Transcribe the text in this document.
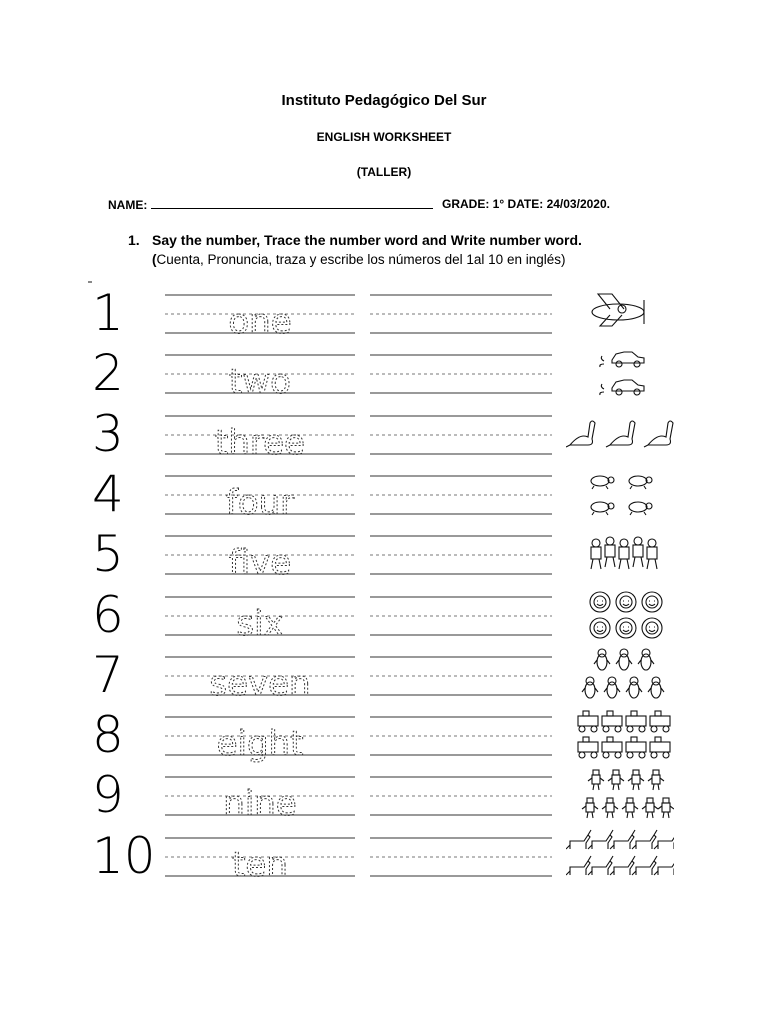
Instituto Pedagógico Del Sur
ENGLISH WORKSHEET
(TALLER)
NAME:	GRADE: 1° DATE: 24/03/2020.
1. Say the number, Trace the number word and Write number word.
(Cuenta, Pronuncia, traza y escribe los números del 1al 10 en inglés)
1	one
2	two
3	three
4	four
5	five
6	six
7	seven
8	eight
9	nine
10 ten
